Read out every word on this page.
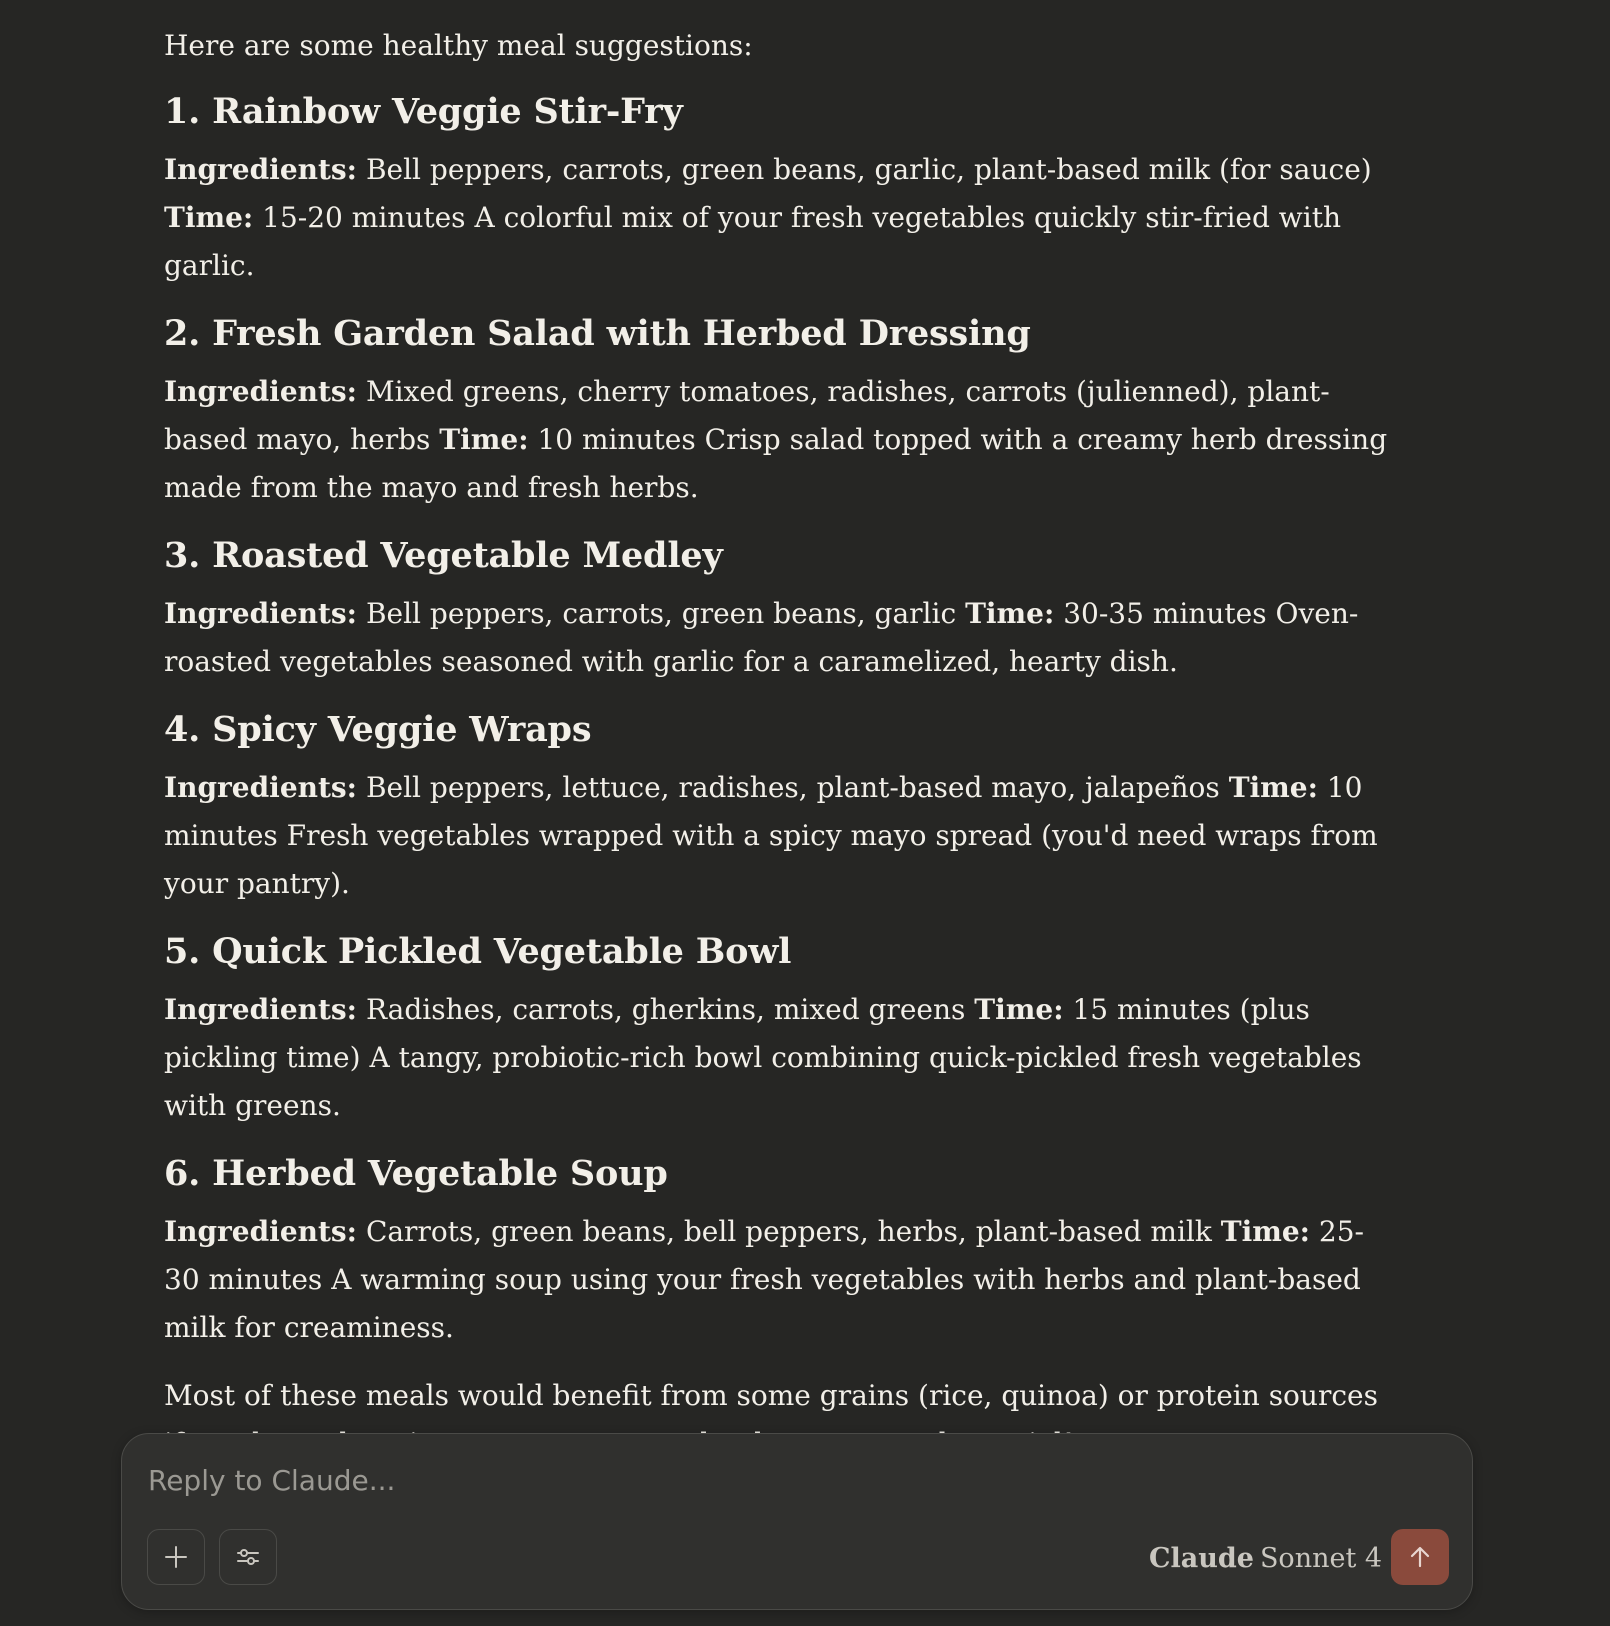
Here are some healthy meal suggestions:

1. Rainbow Veggie Stir-Fry

Ingredients: Bell peppers, carrots, green beans, garlic, plant-based milk (for sauce) Time: 15-20 minutes A colorful mix of your fresh vegetables quickly stir-fried with garlic.

2. Fresh Garden Salad with Herbed Dressing

Ingredients: Mixed greens, cherry tomatoes, radishes, carrots (julienned), plant-based mayo, herbs Time: 10 minutes Crisp salad topped with a creamy herb dressing made from the mayo and fresh herbs.

3. Roasted Vegetable Medley

Ingredients: Bell peppers, carrots, green beans, garlic Time: 30-35 minutes Oven-roasted vegetables seasoned with garlic for a caramelized, hearty dish.

4. Spicy Veggie Wraps

Ingredients: Bell peppers, lettuce, radishes, plant-based mayo, jalapeños Time: 10 minutes Fresh vegetables wrapped with a spicy mayo spread (you'd need wraps from your pantry).

5. Quick Pickled Vegetable Bowl

Ingredients: Radishes, carrots, gherkins, mixed greens Time: 15 minutes (plus pickling time) A tangy, probiotic-rich bowl combining quick-pickled fresh vegetables with greens.

6. Herbed Vegetable Soup

Ingredients: Carrots, green beans, bell peppers, herbs, plant-based milk Time: 25-30 minutes A warming soup using your fresh vegetables with herbs and plant-based milk for creaminess.

Most of these meals would benefit from some grains (rice, quinoa) or protein sources

Reply to Claude...
Claude Sonnet 4
